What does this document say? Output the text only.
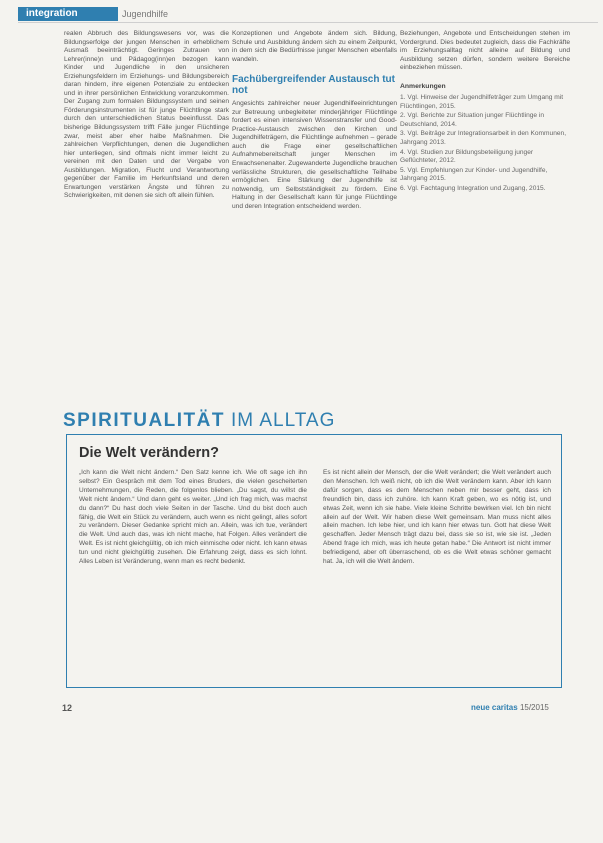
integration	Jugendhilfe

realen Abbruch des Bildungswesens vor, was die Bildungserfolge der jungen Menschen in erheblichem Ausmaß beeinträchtigt. Geringes Zutrauen von Lehrer(inne)n und Pädagog(inn)en bezogen kann Kinder und Jugendliche in den unsicheren Erziehungsfeldern im Erziehungs- und Bildungsbereich daran hindern, ihre eigenen Potenziale zu entdecken und in ihrer persönlichen Entwicklung voranzukommen. Der Zugang zum formalen Bildungssystem und seinen Förderungsinstrumenten ist für junge Flüchtlinge stark durch den unterschiedlichen Status beeinflusst. Das bisherige Bildungssystem trifft Fälle junger Flüchtlinge zwar, meist aber eher halbe Maßnahmen. Die zahlreichen Verpflichtungen, denen die Jugendlichen hier unterliegen, sind oftmals nicht immer leicht zu vereinen mit den Daten und der Vergabe von Ausbildungen. Migration, Flucht und Verantwortung gegenüber der Familie im Herkunftsland und deren Erwartungen verstärken Ängste und führen zu Schwierigkeiten, mit denen sie sich oft allein fühlen.

Konzeptionen und Angebote ändern sich. Bildung, Schule und Ausbildung ändern sich zu einem Zeitpunkt, in dem sich die Bedürfnisse junger Menschen ebenfalls wandeln.

Fachübergreifender Austausch tut not

Angesichts zahlreicher neuer Jugendhilfeeinrichtungen zur Betreuung unbegleiteter minderjähriger Flüchtlinge fordert es einen intensiven Wissenstransfer und Good-Practice-Austausch zwischen den Kirchen und Jugendhilfeträgern, die Flüchtlinge aufnehmen – gerade auch die Frage einer gesellschaftlichen Aufnahmebereitschaft junger Menschen im Erwachsenenalter. Zugewanderte Jugendliche brauchen verlässliche Strukturen, die gesellschaftliche Teilhabe ermöglichen. Eine Stärkung der Jugendhilfe ist notwendig, um Selbstständigkeit zu fördern. Eine Haltung in der Gesellschaft kann für junge Flüchtlinge und deren Integration entscheidend werden.

Beziehungen, Angebote und Entscheidungen stehen im Vordergrund. Dies bedeutet zugleich, dass die Fachkräfte im Erziehungsalltag nicht alleine auf Bildung und Ausbildung setzen dürfen, sondern weitere Bereiche einbeziehen müssen.

Anmerkungen
1. Vgl. Hinweise der Jugendhilfeträger zum Umgang mit Flüchtlingen, 2015.
2. Vgl. Berichte zur Situation junger Flüchtlinge in Deutschland, 2014.
3. Vgl. Beiträge zur Integrationsarbeit in den Kommunen, Jahrgang 2013.
4. Vgl. Studien zur Bildungsbeteiligung junger Geflüchteter, 2012.
5. Vgl. Empfehlungen zur Kinder- und Jugendhilfe, Jahrgang 2015.
6. Vgl. Fachtagung Integration und Zugang, 2015.
SPIRITUALITÄT IM ALLTAG
Die Welt verändern?

„Ich kann die Welt nicht ändern.“ Den Satz kenne ich. Wie oft sage ich ihn selbst? Ein Gespräch mit dem Tod eines Bruders, die vielen gescheiterten Unternehmungen, die Reden, die folgenlos blieben. „Du sagst, du willst die Welt nicht ändern.“ Und dann geht es weiter. „Und ich frag mich, was machst du dann?“ Du hast doch viele Seiten in der Tasche. Und du bist doch auch fähig, die Welt ein Stück zu verändern, auch wenn es nicht gelingt, alles sofort zu verändern. Dieser Gedanke spricht mich an. Allein, was ich tue, verändert die Welt. Und auch das, was ich nicht mache, hat Folgen. Alles verändert die Welt. Es ist nicht gleichgültig, ob ich mich einmische oder nicht. Ich kann etwas tun und nicht gleichgültig zusehen. Die Erfahrung zeigt, dass es sich lohnt. Alles Leben ist Veränderung, wenn man es recht bedenkt.

Es ist nicht allein der Mensch, der die Welt verändert; die Welt verändert auch den Menschen. Ich weiß nicht, ob ich die Welt verändern kann. Aber ich kann dafür sorgen, dass es dem Menschen neben mir besser geht, dass ich freundlich bin, dass ich zuhöre. Ich kann Kraft geben, wo es nötig ist, und etwas Zeit, wenn ich sie habe. Viele kleine Schritte bewirken viel. Ich bin nicht allein auf der Welt. Wir haben diese Welt gemeinsam. Man muss nicht alles allein machen. Ich lebe hier, und ich kann hier etwas tun. Gott hat diese Welt geschaffen. Jeder Mensch trägt dazu bei, dass sie so ist, wie sie ist. „Jeden Abend frage ich mich, was ich heute getan habe.“ Die Antwort ist nicht immer befriedigend, aber oft überraschend, ob es die Welt etwas schöner gemacht hat. Ja, ich will die Welt ändern.

12	neue caritas 15/2015
